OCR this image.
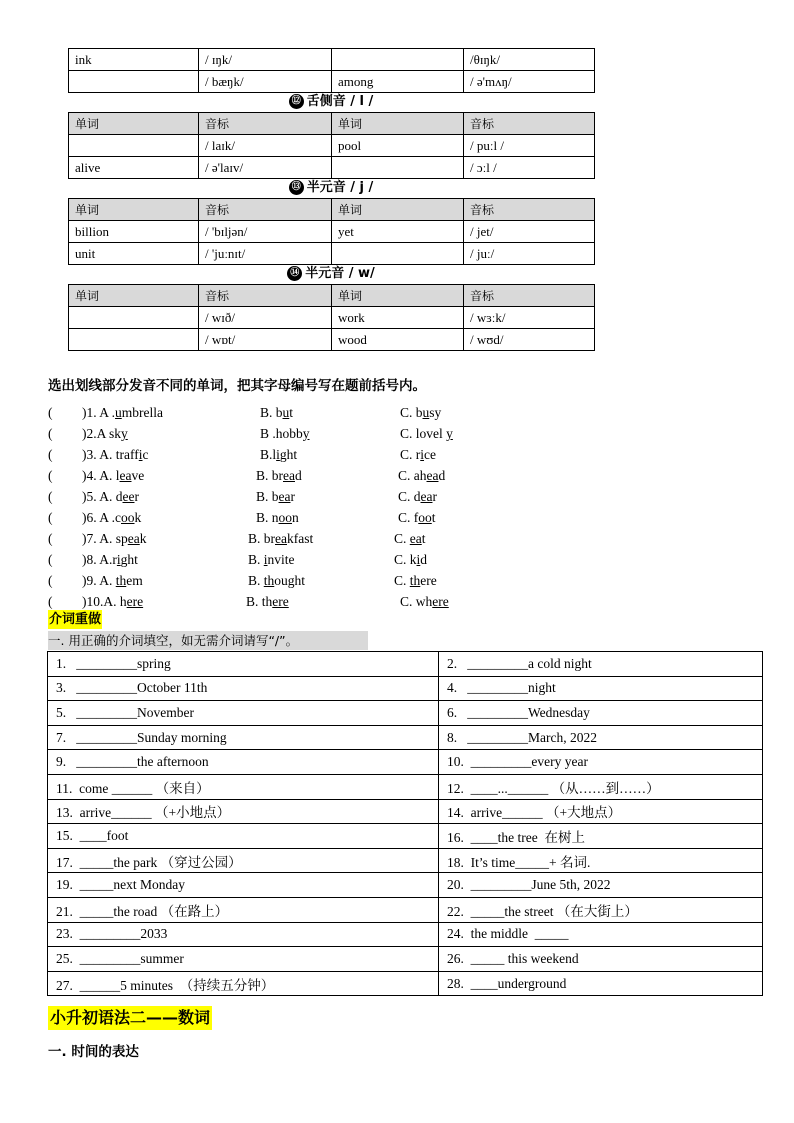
ink	/ ɪŋk/		/θɪŋk/
	/ bæŋk/	among	/ ə'mʌŋ/
⑫ 舌侧音 / l /
单词	音标	单词	音标
	/ laɪk/	pool	/ puːl /
alive	/ ə'laɪv/		/ ɔːl /
⑬ 半元音 / j /
单词	音标	单词	音标
billion	/ 'bɪljən/	yet	/ jet/
unit	/ 'juːnɪt/		/ juː/
⑭ 半元音 / w/
单词	音标	单词	音标
	/ wɪð/	work	/ wɜːk/
	/ wɒt/	wood	/ wʊd/
选出划线部分发音不同的单词，把其字母编号写在题前括号内。
( )1. A .umbrella	B. but	C. busy
( )2.A sky	B .hobby	C. lovel y
( )3. A. traffic	B.light	C. rice
( )4. A. leave	B. bread	C. ahead
( )5. A. deer	B. bear	C. dear
( )6. A .cook	B. noon	C. foot
( )7. A. speak	B. breakfast	C. eat
( )8. A.right	B. invite	C. kid
( )9. A. them	B. thought	C. there
( )10.A. here	B. there	C. where
介词重做
一. 用正确的介词填空，如无需介词请写“/”。
1.   _________spring	2.   _________a cold night
3.   _________October 11th	4.   _________night
5.   _________November	6.   _________Wednesday
7.   _________Sunday morning	8.   _________March, 2022
9.   _________the afternoon	10.  _________every year
11.  come ______ （来自）	12.  ____...______ （从……到……）
13.  arrive______ （+小地点）	14.  arrive______ （+大地点）
15.  ____foot	16.  ____the tree  在树上
17.  _____the park （穿过公园）	18.  It’s time_____+ 名词.
19.  _____next Monday	20.  _________June 5th, 2022
21.  _____the road （在路上）	22.  _____the street （在大街上）
23.  _________2033	24.  the middle  _____
25.  _________summer	26.  _____ this weekend
27.  ______5 minutes  （持续五分钟）	28.  ____underground
小升初语法二——数词
一. 时间的表达
